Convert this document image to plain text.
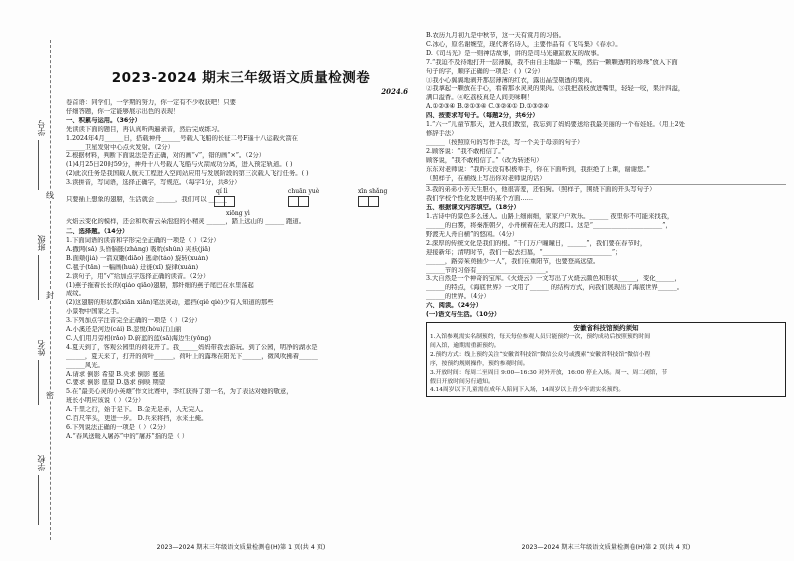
线
封
密
学号
班级
姓名
学校
2023-2024 期末三年级语文质量检测卷
2024.6
卷首语：同学们，一学期的努力，你一定有不少收获吧！只要
仔细答题，你一定能够展示出色的表现！
一、积累与运用。（36分）
先读读下面的题目，再认真听两遍录音，然后完成练习。
1.2024年4月______日，搭载神舟______号载人飞船的长征二号F遥十八运载火箭在
______卫星发射中心点火发射。（2分）
2.根据材料，判断下面说法是否正确，对的画“√”，错的画“×”。（2分）
(1)4月25日20时59分，神舟十八号载人飞船与火箭成功分离，进入预定轨道。( )
(2)此次任务是我国载人航天工程进入空间站应用与发展阶段的第三次载人飞行任务。( )
3.读拼音，写词语，选择正确字，写规范。（每字1分，共8分）
qí lì	chuān yuè	xīn shǎng
只要插上想象的翅膀，生活就会 ______，我们可以 ______
xiōng yì
火焰云变化的模样，还会和吹着云朵泡泡的小精灵 ______，踏上远山的 ______ 跑道。
二、选择题。（14分）
1.下面词语的读音和字形完全正确的一项是（ ）（2分）
A.撒网(sǎ) 头昏脑胀(zhàng) 吸吮(shǔn) 夹袄(jiā)
B.面颊(jiá) 一箭双雕(diāo) 逃命(táo) 旋转(xuán)
C.毯子(tǎn) 一幅画(huà) 迁徙(xǐ) 旋律(xuán)
2.读句子，用“√”给加点字选择正确的读音。（2分）
(1)燕子拖着长长的(qiáo qiāo)翅膀，那纤细的燕子尾巴在水里荡起
成纹。
(2)这翅膀的形状都(xiān xiǎn)笔法灵动，遮挡(qiě qiè)少有人知道的那些
小景物中国家之手。
3.下列加点字注音完全正确的一项是（ ）（2分）
A.小溪还是河边(cái) B.忽悦(hòu)江山丽
C.人们用月旁相(rǎo) D.蔚蓝的蓝(sā)海边生(yǒng)
4.夏天到了，客观公园里的荷花开了。我______妈妈带我去游玩。到了公园，明净的湖水是
______，夏天来了，打开的荷叶______，荷叶上的露珠在阳光下______，微风吹拂着______
______风光。
A.请求 倒影 希望 B.央求 倒影 蔓延
C.要求 倒影 愿望 D.恳求 倒映 期望
5.在“最美心灵的小英雄”作文比赛中，李红获得了第一名，为了表达对她的敬意，
班长小明应该说（ ）（2分）
A.千里之行，始于足下。 B.金无足赤，人无完人。
C.百尺竿头，更进一步。 D.兵来将挡，水来土掩。
6.下列说法正确的一项是（ ）（2分）
A.“春风送暖入屠苏”中的“屠苏”指的是（ ）
2023—2024 期末三年级语文质量检测卷(H)第 1 页(共 4 页)
B.农历九月初九是中秋节，这一天有赏月的习俗。
C.冰心，原名谢婉莹，现代著名诗人，主要作品有《飞鸟集》《春水》。
D.《司马光》是一则神话故事，讲的是司马光砸缸救友的故事。
7.“我迫不及待地打开一层薄膜，我不由自主地舔一下嘴，然后一颗颗透明的珍珠”放入下面
句子的字，顺序正确的一项是：( )（2分）
①我小心翼翼地剥开那层薄薄的红衣，露出晶莹剔透的果肉。
②我拿起一颗放在手心，看着那水灵灵的果肉。③我把荔枝放进嘴里，轻轻一咬，果汁四溢，
满口溢香。④吃荔枝真是人间美味啊！
A.①②③④ B.②①③④ C.③②④① D.①③②④
四、按要求写句子。（每题2分，共6分）
1.“六一”儿童节那天，进入我们教室，我忘到了妈妈要送给我最美丽的一个布娃娃。（用上2处
修辞手法）
______（按照原句的写作手法，写一个关于母亲的句子）
2.顾客说：“我不敢相信了。”
顾客说，“我不敢相信了。”（改为转述句）
东东对老师说：“我昨天没有积极举手，你在下面听到，我拒绝了上课，谢谢您。”
（照样子，在横线上写出你对老师说的话）
3.我的弟弟小芳天生胆小，他很害羞，还怕狗。（照样子，围绕下面的开头写句子）
我们学校个性化发展中的某个方面……
五、根据课文内容填空。（18分）
1.古诗中的景色多么迷人。山路上细雨细，家家户户欢乐。______ 夜里你不可能来找我，
______的白雾，将秦淮朝夕，小舟横着在无人的渡口。这是“______________________”，
野渡无人舟自横”的悠闲。（4分）
2.深厚的传统文化是我们的根。“千门万户曈曈日，______”，我们要在春节时，
迎接新年；清明时节，我们一起去扫墓，“______________________”；
______，路旁茱萸插少一人”，我们在重阳节，也要登高远望。
______节的习俗有______________________。
3.大自然是一个神奇的宝库。《火烧云》一文写出了火烧云颜色和形状______，变化______，
______的特点，《海底世界》一文用了______ 的结构方式，向我们展现出了海底世界______。
______的世界。（4分）
六、阅读。（24分）
(一)语文与生活。（10分）
安徽省科技馆预约须知
1.入馆参观需实名制预约，每天每位参观人员只能预约一次，预约成功后按照预约时间
间入馆，逾期需重新预约。
2.预约方式：线上预约关注“安徽省科技馆”微信公众号或搜索“安徽省科技馆”微信小程
序，按预约规则操作，预约参观时间。
3.开放时间：每周二至周日 9:00—16:30 对外开放，16:00 停止入场。周一、周二闭馆，节
假日开放时间另行通知。
4.14周岁以下儿童需在成年人陪同下入场，14周岁以上青少年需实名预约。
2023—2024 期末三年级语文质量检测卷(H)第 2 页(共 4 页)
